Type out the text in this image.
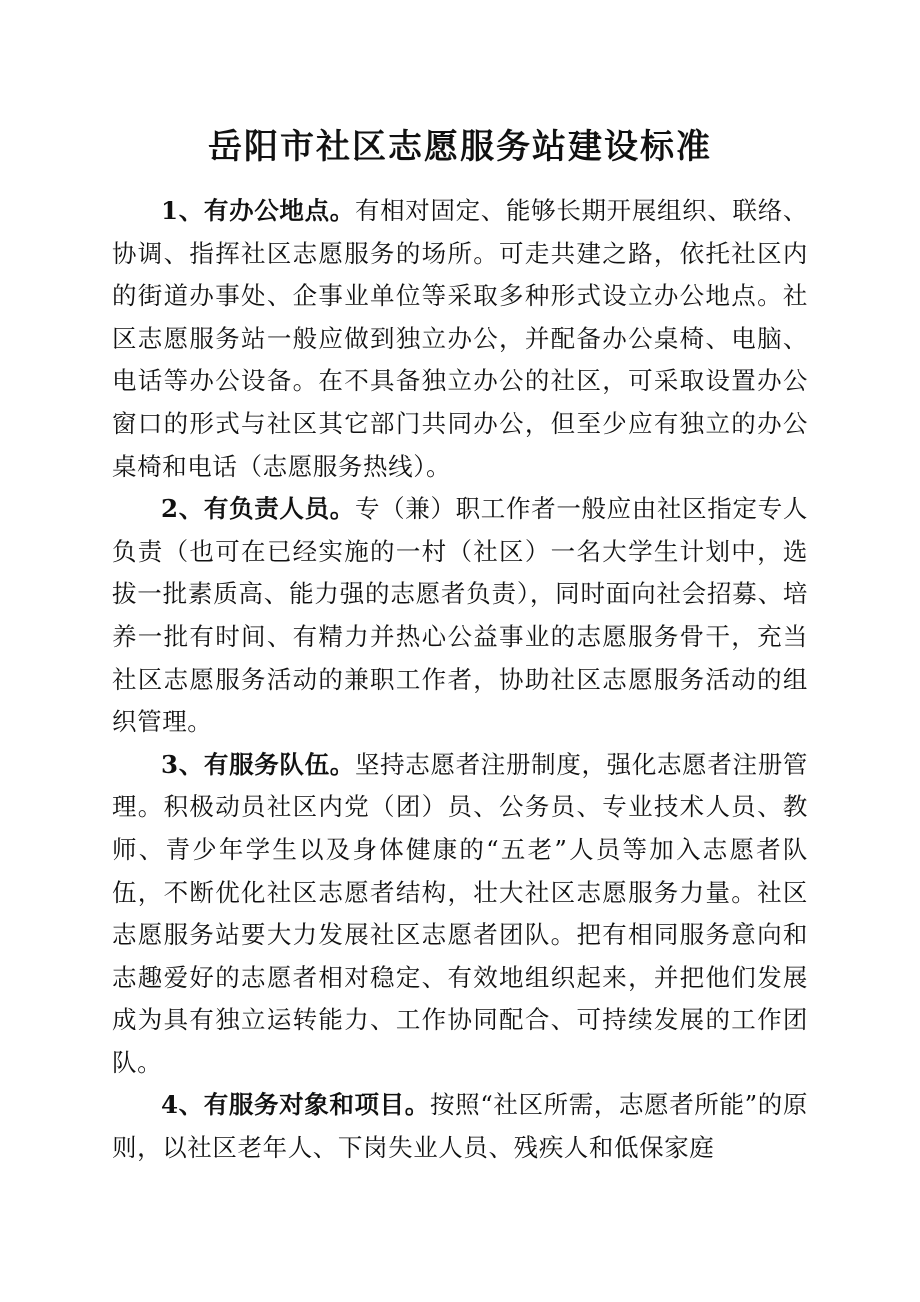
岳阳市社区志愿服务站建设标准

1、有办公地点。有相对固定、能够长期开展组织、联络、协调、指挥社区志愿服务的场所。可走共建之路，依托社区内的街道办事处、企事业单位等采取多种形式设立办公地点。社区志愿服务站一般应做到独立办公，并配备办公桌椅、电脑、电话等办公设备。在不具备独立办公的社区，可采取设置办公窗口的形式与社区其它部门共同办公，但至少应有独立的办公桌椅和电话（志愿服务热线）。

2、有负责人员。专（兼）职工作者一般应由社区指定专人负责（也可在已经实施的一村（社区）一名大学生计划中，选拔一批素质高、能力强的志愿者负责），同时面向社会招募、培养一批有时间、有精力并热心公益事业的志愿服务骨干，充当社区志愿服务活动的兼职工作者，协助社区志愿服务活动的组织管理。

3、有服务队伍。坚持志愿者注册制度，强化志愿者注册管理。积极动员社区内党（团）员、公务员、专业技术人员、教师、青少年学生以及身体健康的“五老”人员等加入志愿者队伍，不断优化社区志愿者结构，壮大社区志愿服务力量。社区志愿服务站要大力发展社区志愿者团队。把有相同服务意向和志趣爱好的志愿者相对稳定、有效地组织起来，并把他们发展成为具有独立运转能力、工作协同配合、可持续发展的工作团队。

4、有服务对象和项目。按照“社区所需，志愿者所能”的原则，以社区老年人、下岗失业人员、残疾人和低保家庭
